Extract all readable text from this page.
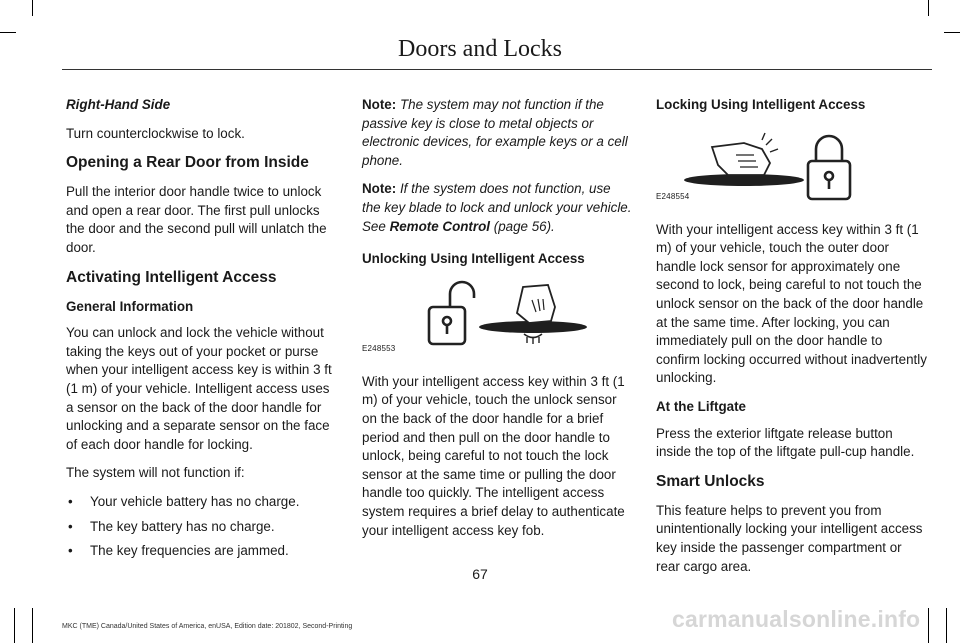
Doors and Locks

Right-Hand Side

Turn counterclockwise to lock.

Opening a Rear Door from Inside

Pull the interior door handle twice to unlock and open a rear door. The first pull unlocks the door and the second pull will unlatch the door.

Activating Intelligent Access
General Information

You can unlock and lock the vehicle without taking the keys out of your pocket or purse when your intelligent access key is within 3 ft (1 m) of your vehicle. Intelligent access uses a sensor on the back of the door handle for unlocking and a separate sensor on the face of each door handle for locking.

The system will not function if:

• Your vehicle battery has no charge.
• The key battery has no charge.
• The key frequencies are jammed.

Note: The system may not function if the passive key is close to metal objects or electronic devices, for example keys or a cell phone.

Note: If the system does not function, use the key blade to lock and unlock your vehicle. See Remote Control (page 56).

Unlocking Using Intelligent Access
E248553

With your intelligent access key within 3 ft (1 m) of your vehicle, touch the unlock sensor on the back of the door handle for a brief period and then pull on the door handle to unlock, being careful to not touch the lock sensor at the same time or pulling the door handle too quickly. The intelligent access system requires a brief delay to authenticate your intelligent access key fob.

Locking Using Intelligent Access
E248554

With your intelligent access key within 3 ft (1 m) of your vehicle, touch the outer door handle lock sensor for approximately one second to lock, being careful to not touch the unlock sensor on the back of the door handle at the same time. After locking, you can immediately pull on the door handle to confirm locking occurred without inadvertently unlocking.

At the Liftgate

Press the exterior liftgate release button inside the top of the liftgate pull-cup handle.

Smart Unlocks

This feature helps to prevent you from unintentionally locking your intelligent access key inside the passenger compartment or rear cargo area.

67
MKC (TME) Canada/United States of America, enUSA, Edition date: 201802, Second-Printing	carmanualsonline.info
